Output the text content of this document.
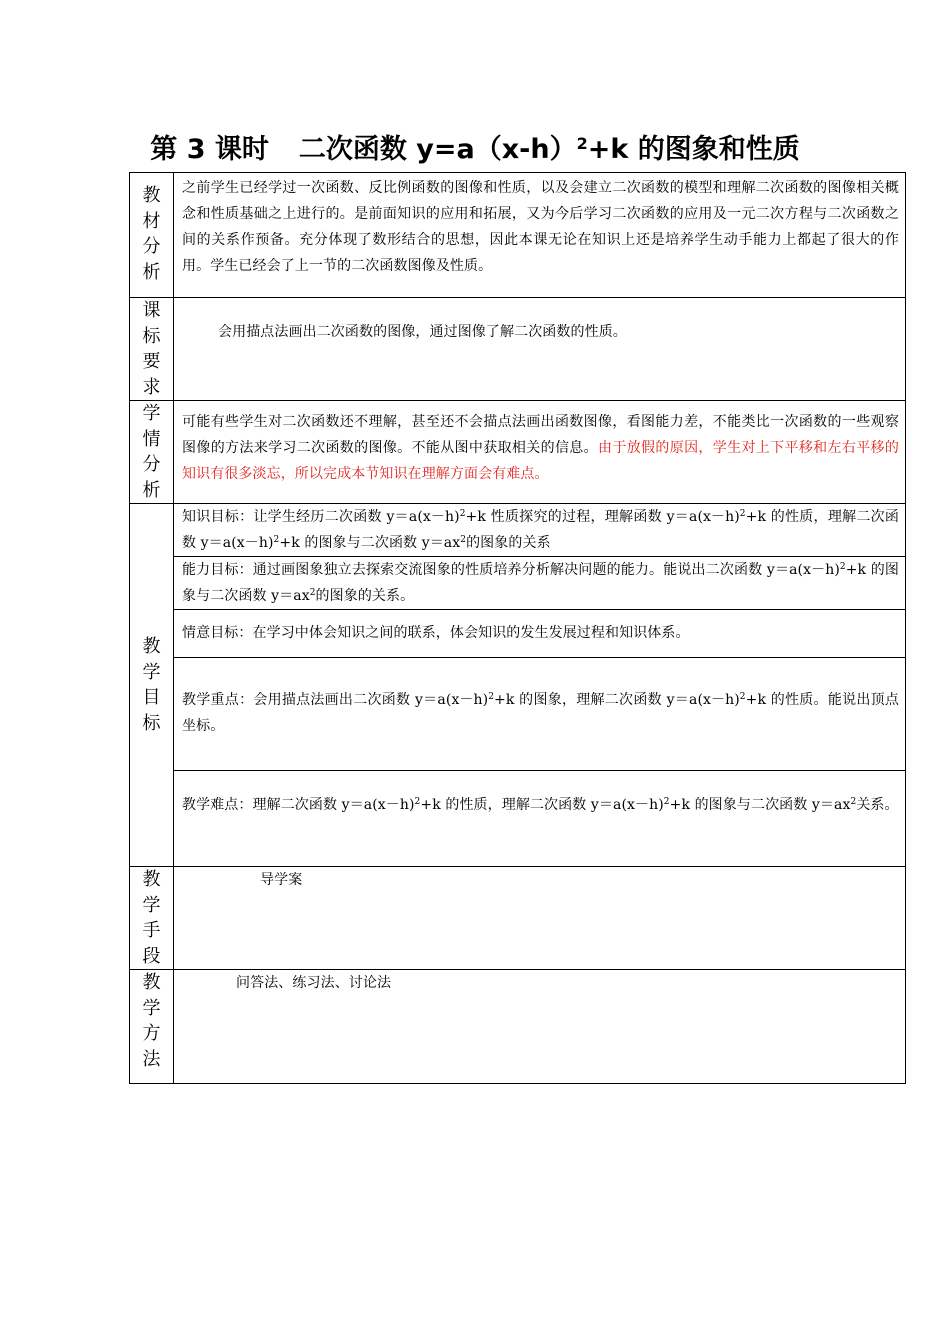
第 3 课时 二次函数 $y=a(x-h)^2+k$ 的图象和性质
教
材
分
析	之前学生已经学过一次函数、反比例函数的图像和性质，以及会建立二次函数的模型和理解二次函数的图像相关概念和性质基础之上进行的。是前面知识的应用和拓展，又为今后学习二次函数的应用及一元二次方程与二次函数之间的关系作预备。充分体现了数形结合的思想，因此本课无论在知识上还是培养学生动手能力上都起了很大的作用。学生已经会了上一节的二次函数图像及性质。

课
标
要
求	会用描点法画出二次函数的图像，通过图像了解二次函数的性质。

学
情
分
析	可能有些学生对二次函数还不理解，甚至还不会描点法画出函数图像，看图能力差，不能类比一次函数的一些观察图像的方法来学习二次函数的图像。不能从图中获取相关的信息。由于放假的原因，学生对上下平移和左右平移的知识有很多淡忘，所以完成本节知识在理解方面会有难点。

教
学
目
标	知识目标：让学生经历二次函数 $y=a(x-h)^2+k$ 性质探究的过程，理解函数 $y=a(x-h)^2+k$ 的性质，理解二次函数 $y=a(x-h)^2+k$ 的图象与二次函数 $y=ax^2$的图象的关系

	能力目标：通过画图象独立去探索交流图象的性质培养分析解决问题的能力。能说出二次函数 $y=a(x-h)^2+k$ 的图象与二次函数 $y=ax^2$的图象的关系。

	情意目标：在学习中体会知识之间的联系，体会知识的发生发展过程和知识体系。

	教学重点：会用描点法画出二次函数 $y=a(x-h)^2+k$ 的图象，理解二次函数 $y=a(x-h)^2+k$ 的性质。能说出顶点坐标。

	教学难点：理解二次函数 $y=a(x-h)^2+k$ 的性质，理解二次函数 $y=a(x-h)^2+k$ 的图象与二次函数 $y=ax^2$关系。

教
学
手
段	导学案

教
学
方
法	问答法、练习法、讨论法
